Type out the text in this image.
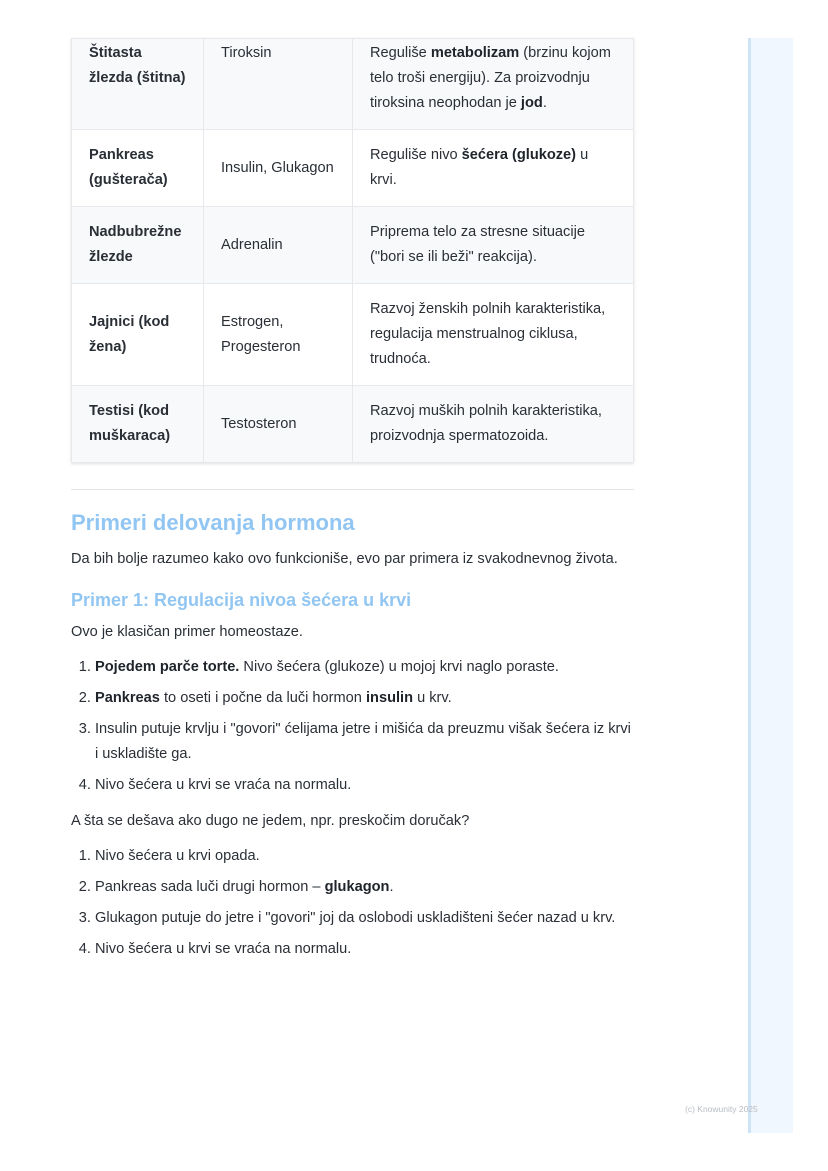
Štitasta žlezda (štitna)	Tiroksin	Reguliše metabolizam (brzinu kojom telo troši energiju). Za proizvodnju tiroksina neophodan je jod.
Pankreas (gušterača)	Insulin, Glukagon	Reguliše nivo šećera (glukoze) u krvi.
Nadbubrežne žlezde	Adrenalin	Priprema telo za stresne situacije ("bori se ili beži" reakcija).
Jajnici (kod žena)	Estrogen, Progesteron	Razvoj ženskih polnih karakteristika, regulacija menstrualnog ciklusa, trudnoća.
Testisi (kod muškaraca)	Testosteron	Razvoj muških polnih karakteristika, proizvodnja spermatozoida.
Primeri delovanja hormona

Da bih bolje razumeo kako ovo funkcioniše, evo par primera iz svakodnevnog života.

Primer 1: Regulacija nivoa šećera u krvi

Ovo je klasičan primer homeostaze.

1. Pojedem parče torte. Nivo šećera (glukoze) u mojoj krvi naglo poraste.
2. Pankreas to oseti i počne da luči hormon insulin u krv.
3. Insulin putuje krvlju i "govori" ćelijama jetre i mišića da preuzmu višak šećera iz krvi i uskladište ga.
4. Nivo šećera u krvi se vraća na normalu.

A šta se dešava ako dugo ne jedem, npr. preskočim doručak?

1. Nivo šećera u krvi opada.
2. Pankreas sada luči drugi hormon – glukagon.
3. Glukagon putuje do jetre i "govori" joj da oslobodi uskladišteni šećer nazad u krv.
4. Nivo šećera u krvi se vraća na normalu.
(c) Knowunity 2025
